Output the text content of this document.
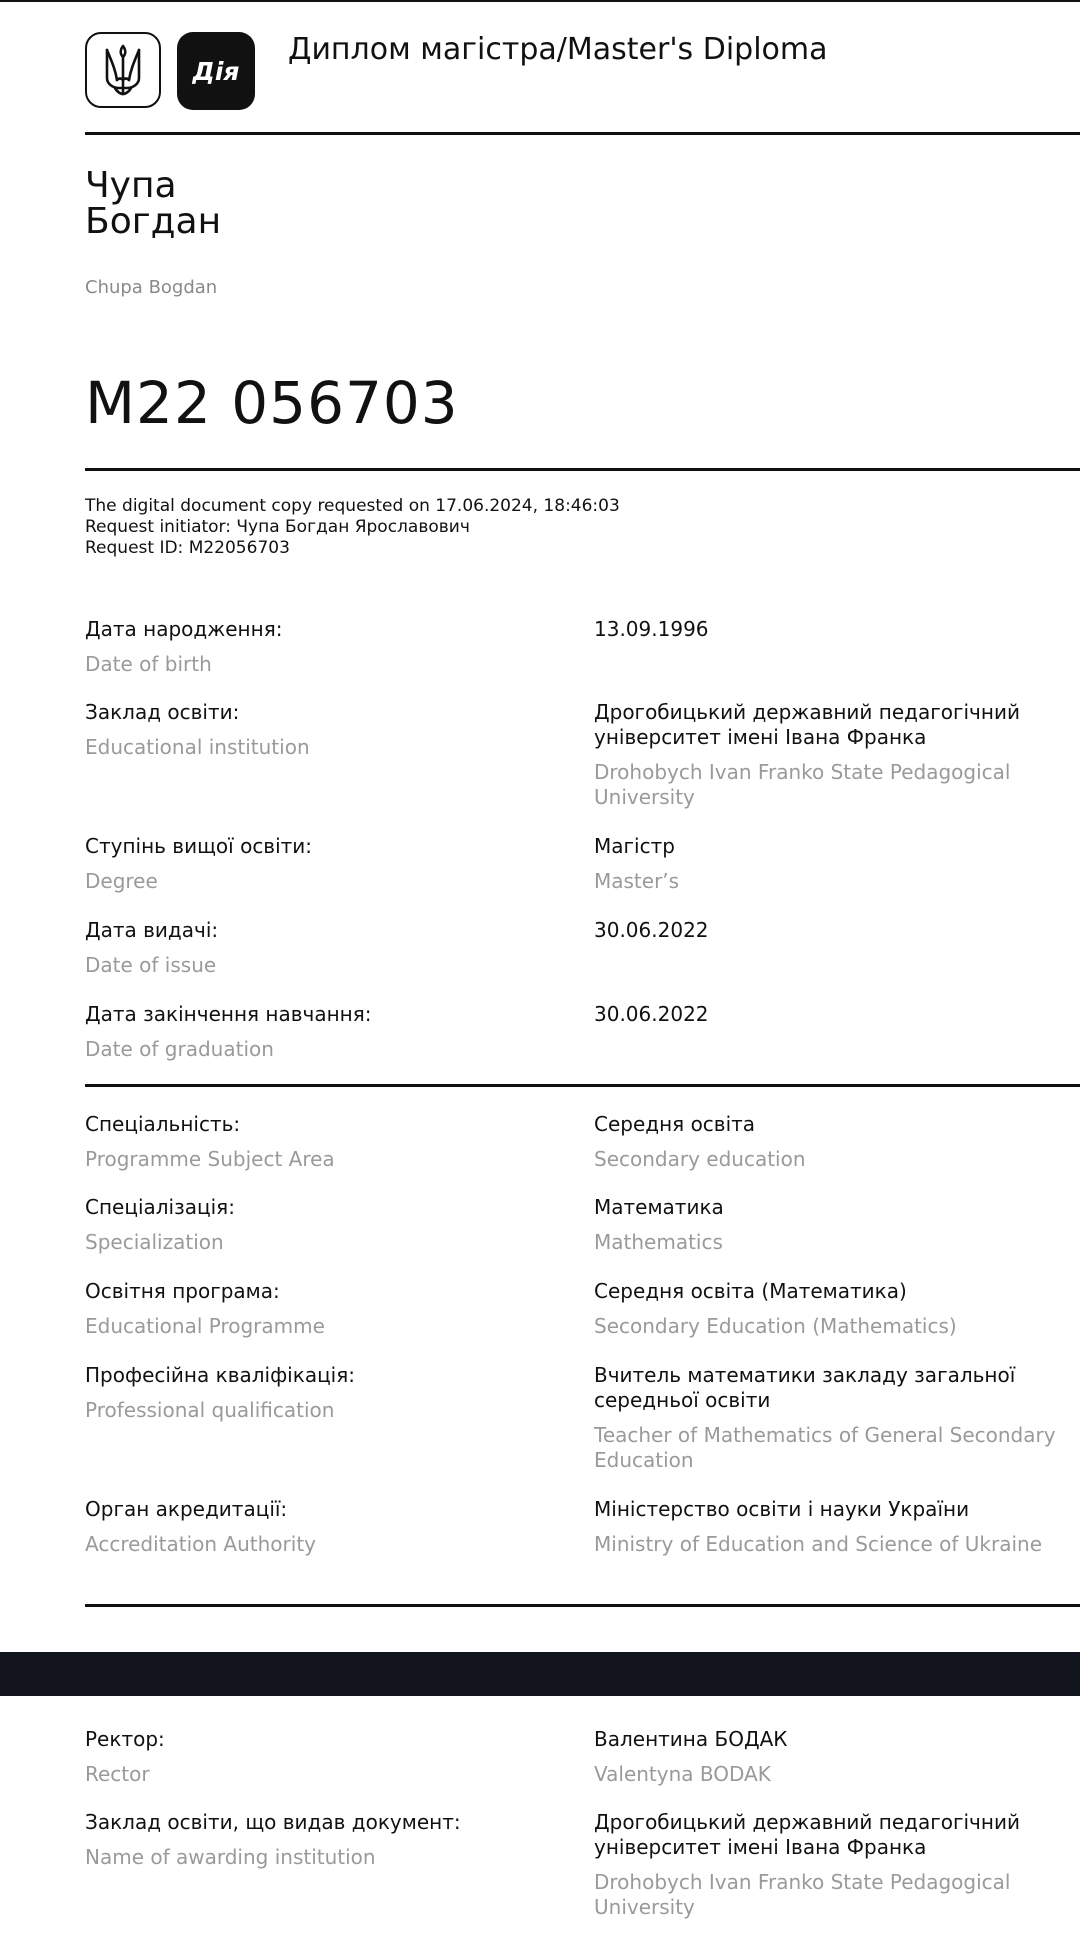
Дія
Диплом магістра/Master's Diploma
Чупа
Богдан
Chupa Bogdan
M22 056703
The digital document copy requested on 17.06.2024, 18:46:03
Request initiator: Чупа Богдан Ярославович
Request ID: M22056703
Дата народження:
Date of birth
13.09.1996
Заклад освіти:
Educational institution
Дрогобицький державний педагогічний університет імені Івана Франка
Drohobych Ivan Franko State Pedagogical University
Ступінь вищої освіти:
Degree
Магістр
Master’s
Дата видачі:
Date of issue
30.06.2022
Дата закінчення навчання:
Date of graduation
30.06.2022
Спеціальність:
Programme Subject Area
Середня освіта
Secondary education
Спеціалізація:
Specialization
Математика
Mathematics
Освітня програма:
Educational Programme
Середня освіта (Математика)
Secondary Education (Mathematics)
Професійна кваліфікація:
Professional qualification
Вчитель математики закладу загальної середньої освіти
Teacher of Mathematics of General Secondary Education
Орган акредитації:
Accreditation Authority
Міністерство освіти і науки України
Ministry of Education and Science of Ukraine
Ректор:
Rector
Валентина БОДАК
Valentyna BODAK
Заклад освіти, що видав документ:
Name of awarding institution
Дрогобицький державний педагогічний університет імені Івана Франка
Drohobych Ivan Franko State Pedagogical University
